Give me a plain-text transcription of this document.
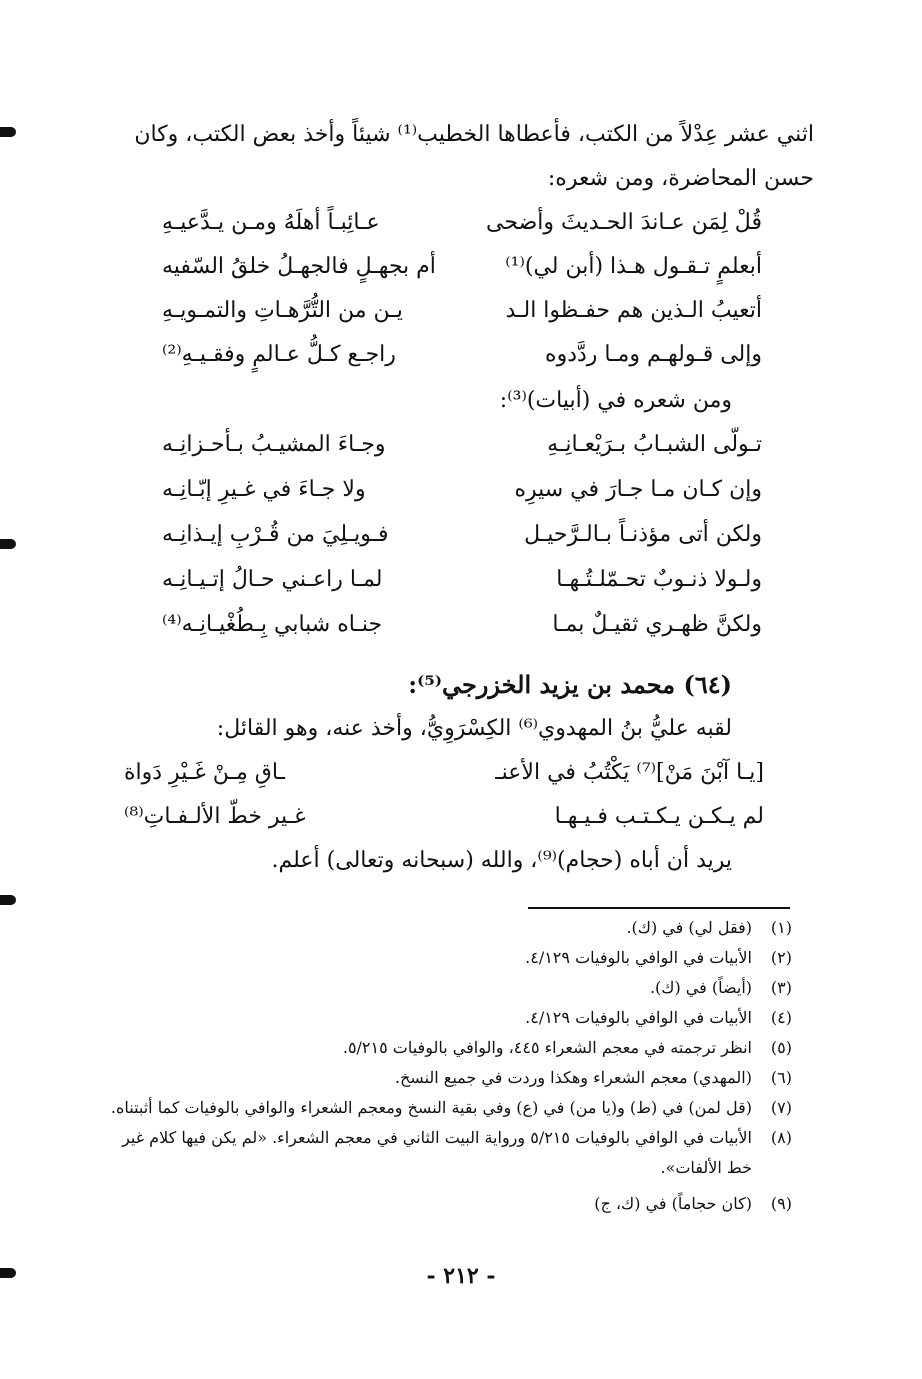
اثني عشر عِدْلاً من الكتب، فأعطاها الخطيب⁽¹⁾ شيئاً وأخذ بعض الكتب، وكان
حسن المحاضرة، ومن شعره:
قُلْ لِمَن عـاندَ الحـديثَ وأضحى
عـائِبـاً أهلَهُ ومـن يـدَّعيـهِ
أبعلمٍ تـقـول هـذا (أبن لي)⁽¹⁾
أم بجهـلٍ فالجهـلُ خلقُ السّفيه
أتعيبُ الـذين هم حفـظوا الـد
يـن من التُّرَّهـاتِ والتمـويـهِ
وإلى قـولهـم ومـا ردَّدوه
راجـع كـلُّ عـالمٍ وفقـيـهِ⁽²⁾
ومن شعره في (أبيات)⁽³⁾:
تـولّى الشبـابُ بـرَيْعـانِـهِ
وجـاءَ المشيـبُ بـأحـزانِـه
وإن كـان مـا جـارَ في سيرِه
ولا جـاءَ في غـيرِ إبّـانِـه
ولكن أتى مؤذنـاً بـالـرَّحيـل
فـويـلِيَ من قُـرْبِ إيـذانِـه
ولـولا ذنـوبٌ تحـمّلـتُـهـا
لمـا راعـني حـالُ إتـيـانِـه
ولكنَّ ظهـري ثقيـلٌ بمـا
جنـاه شبابي بِـطُغْيـانِـه⁽⁴⁾
(٦٤) محمد بن يزيد الخزرجي⁽⁵⁾:
لقبه عليُّ بنُ المهدوي⁽⁶⁾ الكِسْرَوِيُّ، وأخذ عنه، وهو القائل:
[يـا آبْنَ مَنْ]⁽⁷⁾ يَكْتُبُ في الأعنـ
ـاقِ مِـنْ غَـيْرِ دَواة
لم يـكـن يـكـتـب فـيـهـا
غـير خطّ الألـفـاتِ⁽⁸⁾
يريد أن أباه (حجام)⁽⁹⁾، والله (سبحانه وتعالى) أعلم.
(١)(فقل لي) في (ك).
(٢)الأبيات في الوافي بالوفيات ٤/١٢٩.
(٣)(أيضاً) في (ك).
(٤)الأبيات في الوافي بالوفيات ٤/١٢٩.
(٥)انظر ترجمته في معجم الشعراء ٤٤٥، والوافي بالوفيات ٥/٢١٥.
(٦)(المهدي) معجم الشعراء وهكذا وردت في جميع النسخ.
(٧)(قل لمن) في (ط) و(يا من) في (ع) وفي بقية النسخ ومعجم الشعراء والوافي بالوفيات كما أثبتناه.
(٨)الأبيات في الوافي بالوفيات ٥/٢١٥ ورواية البيت الثاني في معجم الشعراء. «لم يكن فيها كلام غير
خط الألفات».
(٩)(كان حجاماً) في (ك، ج)
- ٢١٢ -
